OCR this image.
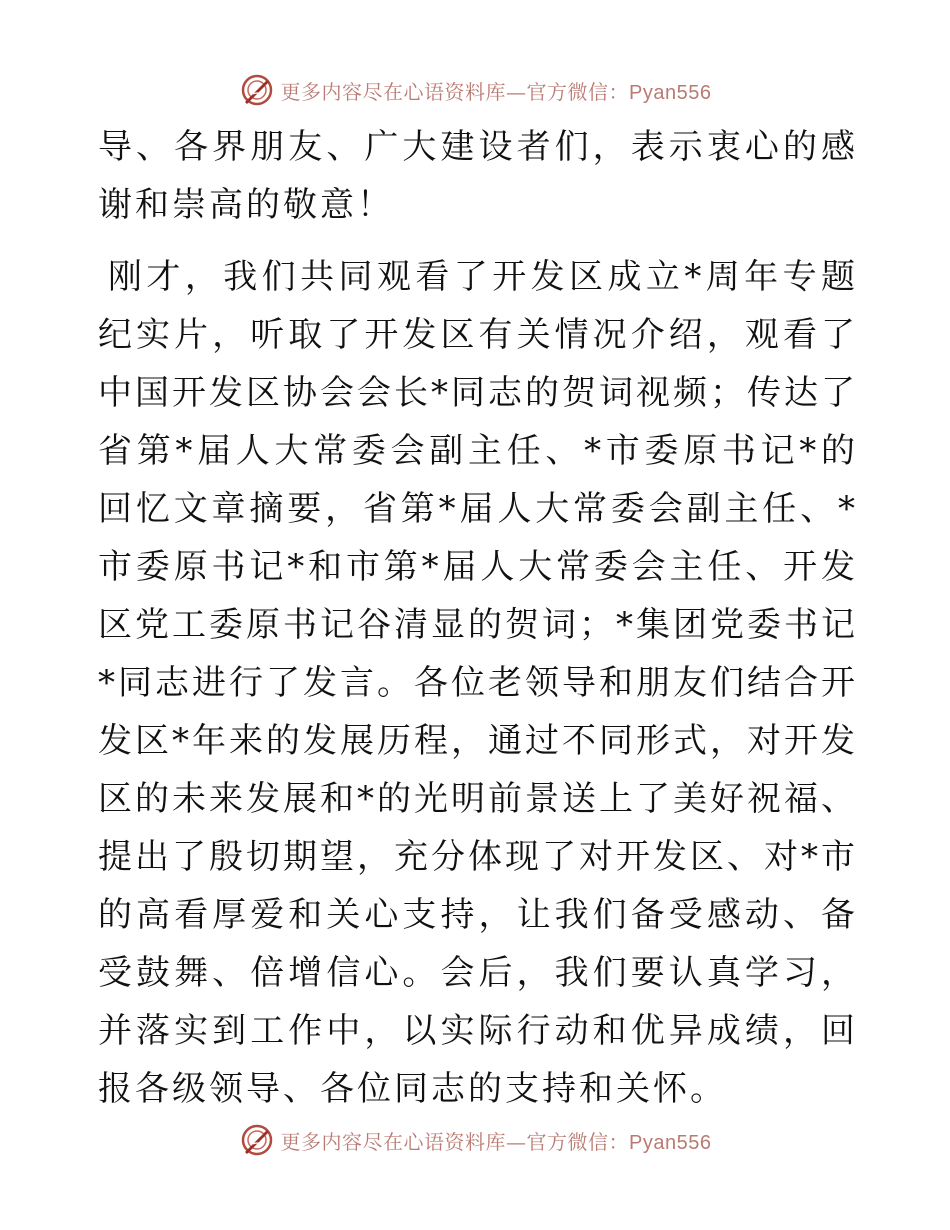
更多内容尽在心语资料库—官方微信：Pyan556

导、各界朋友、广大建设者们，表示衷心的感谢和崇高的敬意！

刚才，我们共同观看了开发区成立*周年专题纪实片，听取了开发区有关情况介绍，观看了中国开发区协会会长*同志的贺词视频；传达了省第*届人大常委会副主任、*市委原书记*的回忆文章摘要，省第*届人大常委会副主任、*市委原书记*和市第*届人大常委会主任、开发区党工委原书记谷清显的贺词；*集团党委书记*同志进行了发言。各位老领导和朋友们结合开发区*年来的发展历程，通过不同形式，对开发区的未来发展和*的光明前景送上了美好祝福、提出了殷切期望，充分体现了对开发区、对*市的高看厚爱和关心支持，让我们备受感动、备受鼓舞、倍增信心。会后，我们要认真学习，并落实到工作中，以实际行动和优异成绩，回报各级领导、各位同志的支持和关怀。

更多内容尽在心语资料库—官方微信：Pyan556
